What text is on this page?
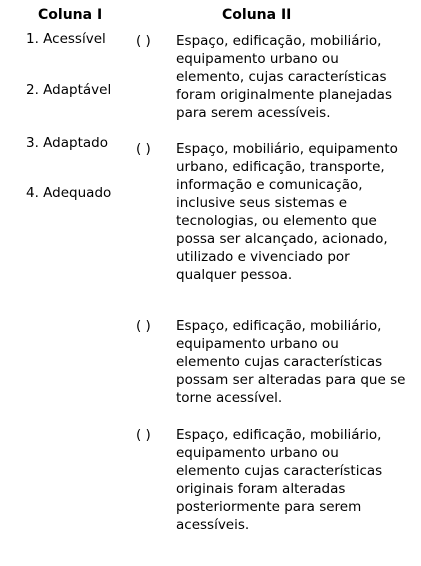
Coluna I	Coluna II
1. Acessível
2. Adaptável
3. Adaptado
4. Adequado
( ) Espaço, edificação, mobiliário, equipamento urbano ou elemento, cujas características foram originalmente planejadas para serem acessíveis.
( ) Espaço, mobiliário, equipamento urbano, edificação, transporte, informação e comunicação, inclusive seus sistemas e tecnologias, ou elemento que possa ser alcançado, acionado, utilizado e vivenciado por qualquer pessoa.
( ) Espaço, edificação, mobiliário, equipamento urbano ou elemento cujas características possam ser alteradas para que se torne acessível.
( ) Espaço, edificação, mobiliário, equipamento urbano ou elemento cujas características originais foram alteradas posteriormente para serem acessíveis.
